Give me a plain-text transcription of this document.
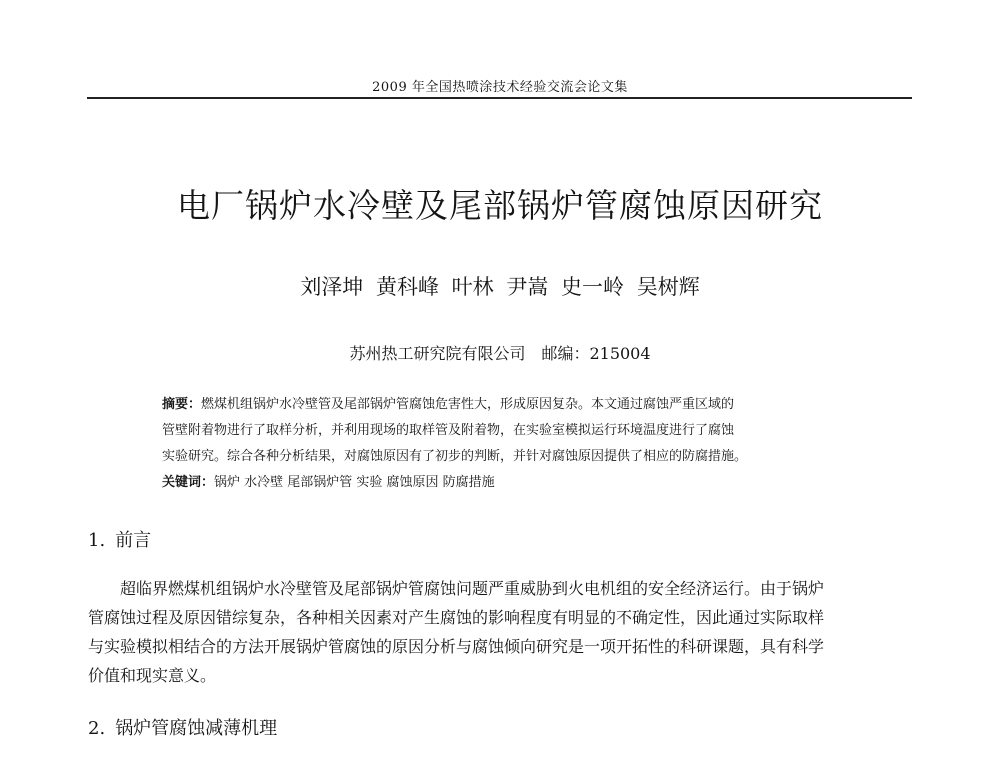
2009 年全国热喷涂技术经验交流会论文集
电厂锅炉水冷壁及尾部锅炉管腐蚀原因研究
刘泽坤 黄科峰 叶林 尹嵩 史一岭 吴树辉
苏州热工研究院有限公司　邮编：215004
摘要：燃煤机组锅炉水冷壁管及尾部锅炉管腐蚀危害性大，形成原因复杂。本文通过腐蚀严重区域的
管壁附着物进行了取样分析，并利用现场的取样管及附着物，在实验室模拟运行环境温度进行了腐蚀
实验研究。综合各种分析结果，对腐蚀原因有了初步的判断，并针对腐蚀原因提供了相应的防腐措施。
关键词：锅炉 水冷壁 尾部锅炉管 实验 腐蚀原因 防腐措施
1. 前言
超临界燃煤机组锅炉水冷壁管及尾部锅炉管腐蚀问题严重威胁到火电机组的安全经济运行。由于锅炉
管腐蚀过程及原因错综复杂，各种相关因素对产生腐蚀的影响程度有明显的不确定性，因此通过实际取样
与实验模拟相结合的方法开展锅炉管腐蚀的原因分析与腐蚀倾向研究是一项开拓性的科研课题，具有科学
价值和现实意义。
2. 锅炉管腐蚀减薄机理
